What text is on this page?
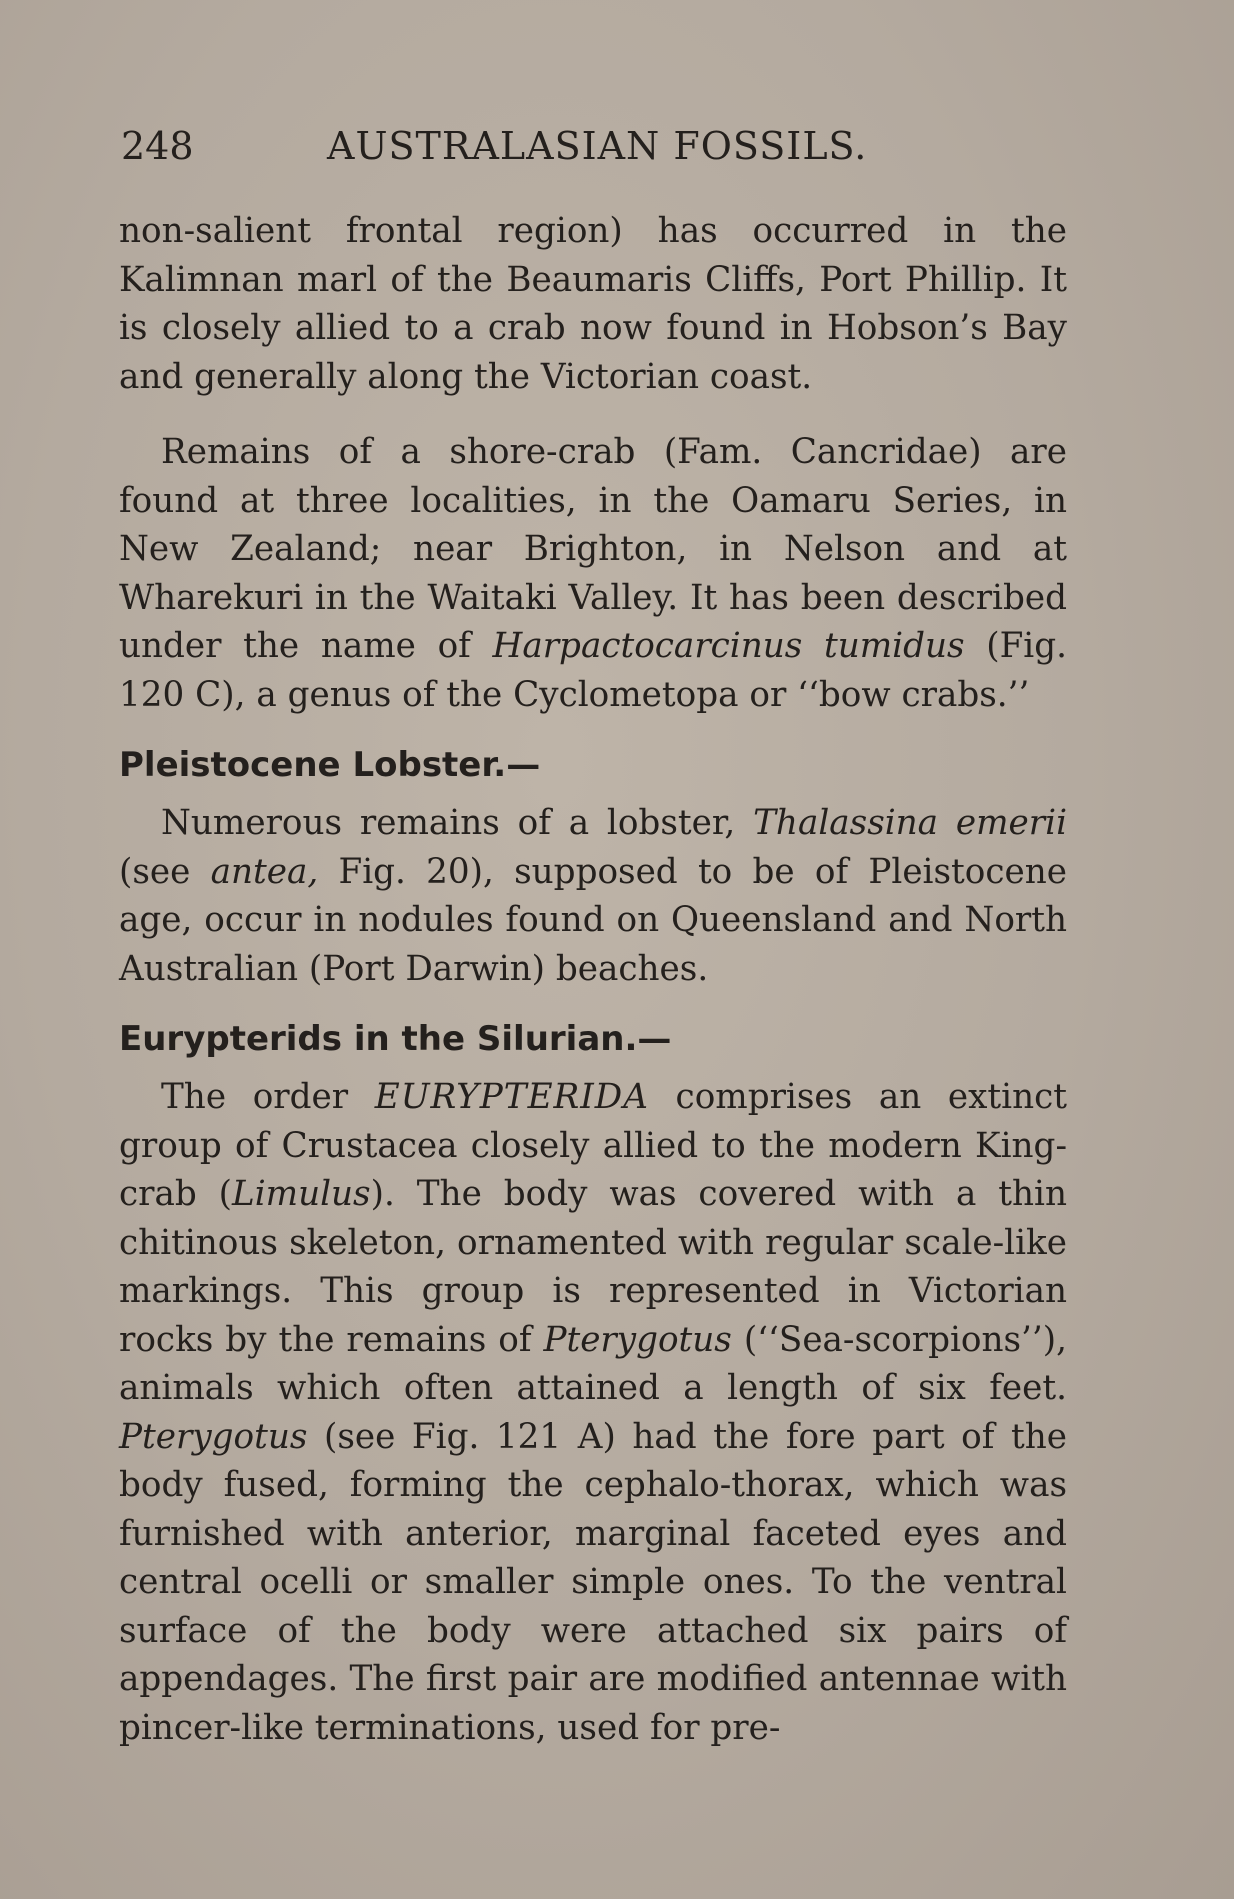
248	AUSTRALASIAN FOSSILS.

non-salient frontal region) has occurred in the Kalimnan marl of the Beaumaris Cliffs, Port Phillip. It is closely allied to a crab now found in Hobson’s Bay and generally along the Victorian coast.

Remains of a shore-crab (Fam. Cancridae) are found at three localities, in the Oamaru Series, in New Zealand; near Brighton, in Nelson and at Wharekuri in the Waitaki Valley. It has been described under the name of Harpactocarcinus tumidus (Fig. 120 C), a genus of the Cyclometopa or ‘‘bow crabs.’’

Pleistocene Lobster.—

Numerous remains of a lobster, Thalassina emerii (see antea, Fig. 20), supposed to be of Pleistocene age, occur in nodules found on Queensland and North Australian (Port Darwin) beaches.

Eurypterids in the Silurian.—

The order EURYPTERIDA comprises an extinct group of Crustacea closely allied to the modern King-crab (Limulus). The body was covered with a thin chitinous skeleton, ornamented with regular scale-like markings. This group is represented in Victorian rocks by the remains of Pterygotus (‘‘Sea-scorpions’’), animals which often attained a length of six feet. Pterygotus (see Fig. 121 A) had the fore part of the body fused, forming the cephalo-thorax, which was furnished with anterior, marginal faceted eyes and central ocelli or smaller simple ones. To the ventral surface of the body were attached six pairs of appendages. The first pair are modified antennae with pincer-like terminations, used for pre-
